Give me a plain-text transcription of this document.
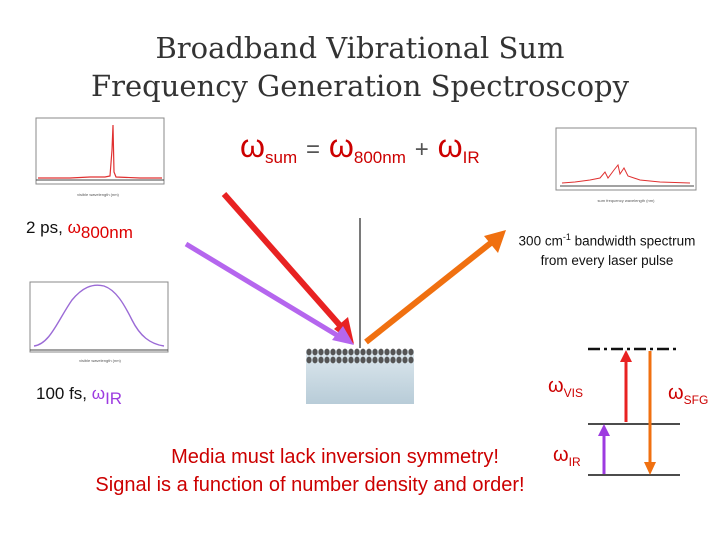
Broadband Vibrational Sum
Frequency Generation Spectroscopy
$\omega_{sum} = \omega_{800nm} + \omega_{IR}$
visible wavelength (nm)
sum frequency wavelength (nm)
visible wavelength (nm)
2 ps, $\omega_{800nm}$
100 fs, $\omega_{IR}$
300 $cm^{-1}$ bandwidth spectrum from every laser pulse
$\omega_{VIS}$
$\omega_{IR}$
$\omega_{SFG}$
Media must lack inversion symmetry!
Signal is a function of number density and order!
